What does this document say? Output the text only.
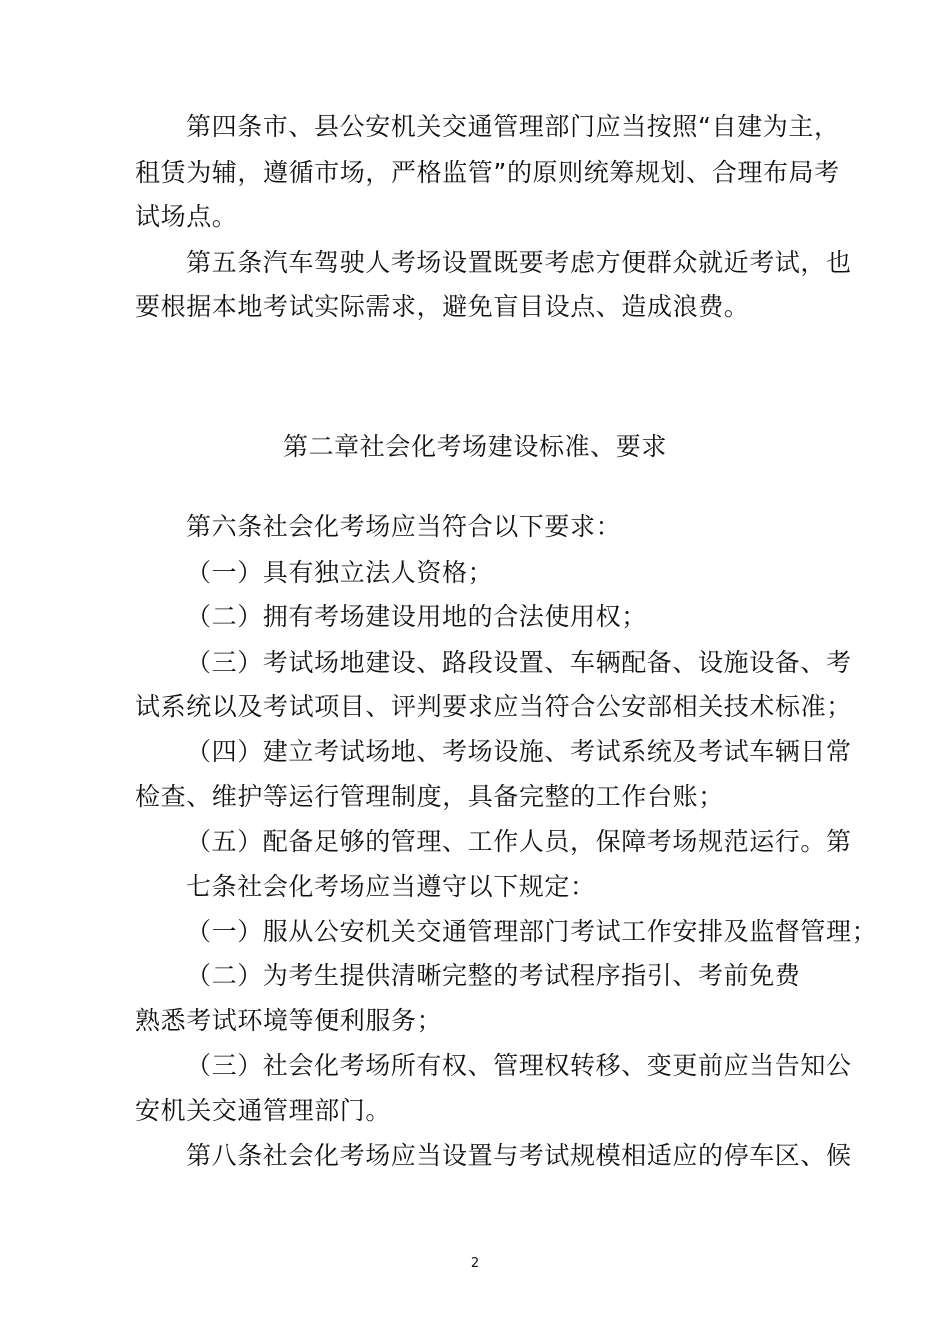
第四条市、县公安机关交通管理部门应当按照“自建为主，
租赁为辅，遵循市场，严格监管”的原则统筹规划、合理布局考
试场点。
第五条汽车驾驶人考场设置既要考虑方便群众就近考试，也
要根据本地考试实际需求，避免盲目设点、造成浪费。
第二章社会化考场建设标准、要求
第六条社会化考场应当符合以下要求：
（一）具有独立法人资格；
（二）拥有考场建设用地的合法使用权；
（三）考试场地建设、路段设置、车辆配备、设施设备、考
试系统以及考试项目、评判要求应当符合公安部相关技术标准；
（四）建立考试场地、考场设施、考试系统及考试车辆日常
检查、维护等运行管理制度，具备完整的工作台账；
（五）配备足够的管理、工作人员，保障考场规范运行。第
七条社会化考场应当遵守以下规定：
（一）服从公安机关交通管理部门考试工作安排及监督管理；
（二）为考生提供清晰完整的考试程序指引、考前免费
熟悉考试环境等便利服务；
（三）社会化考场所有权、管理权转移、变更前应当告知公
安机关交通管理部门。
第八条社会化考场应当设置与考试规模相适应的停车区、候
2
